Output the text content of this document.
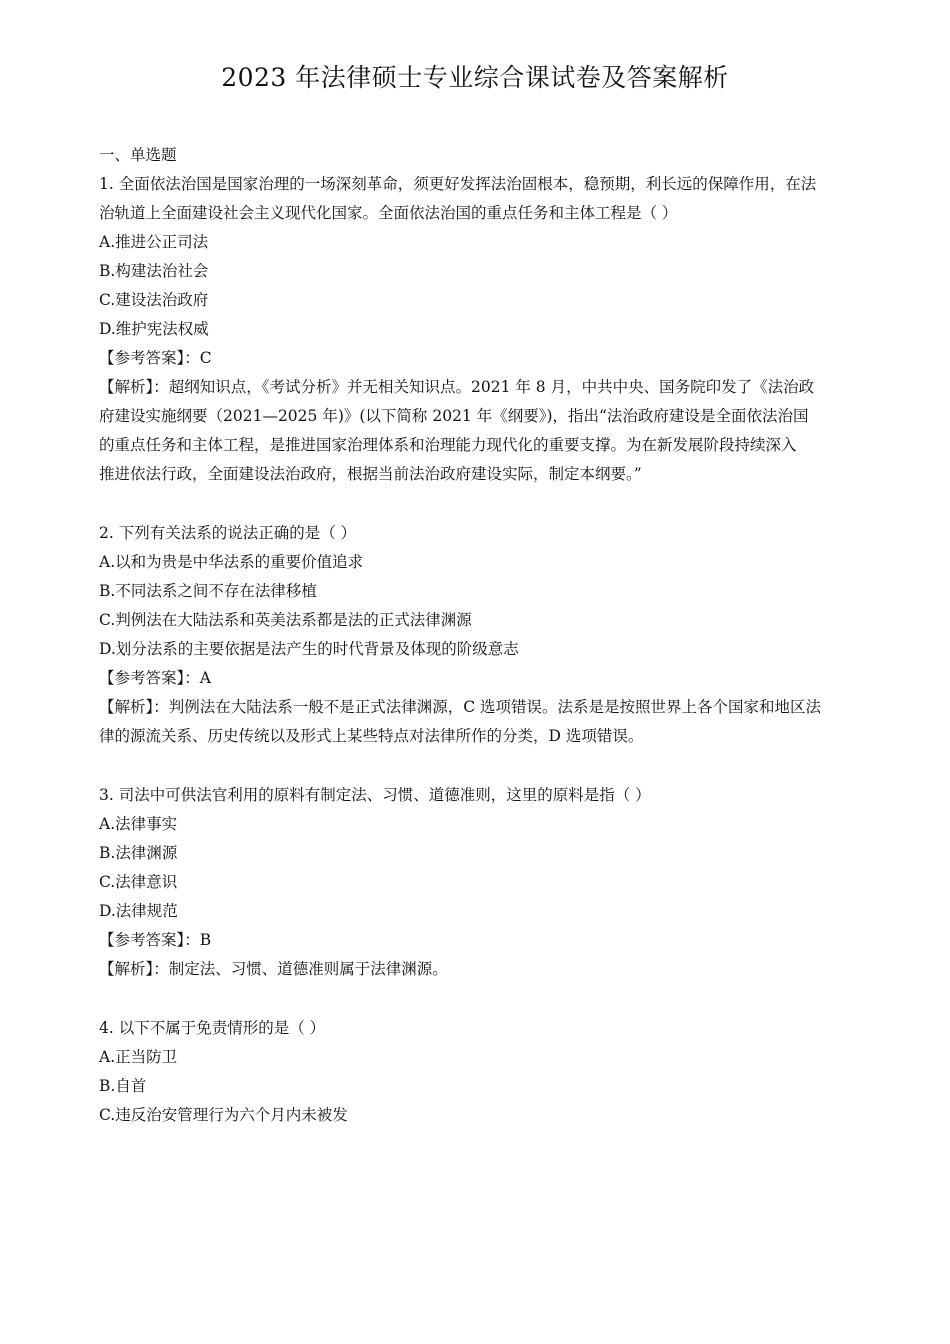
2023 年法律硕士专业综合课试卷及答案解析
一、单选题
1. 全面依法治国是国家治理的一场深刻革命，须更好发挥法治固根本，稳预期，利长远的保障作用，在法
治轨道上全面建设社会主义现代化国家。全面依法治国的重点任务和主体工程是（ ）
A.推进公正司法
B.构建法治社会
C.建设法治政府
D.维护宪法权威
【参考答案】：C
【解析】：超纲知识点，《考试分析》并无相关知识点。2021 年 8 月，中共中央、国务院印发了《法治政
府建设实施纲要（2021—2025 年)》(以下简称 2021 年《纲要》)，指出“法治政府建设是全面依法治国
的重点任务和主体工程，是推进国家治理体系和治理能力现代化的重要支撑。为在新发展阶段持续深入
推进依法行政，全面建设法治政府，根据当前法治政府建设实际，制定本纲要。”
2. 下列有关法系的说法正确的是（ ）
A.以和为贵是中华法系的重要价值追求
B.不同法系之间不存在法律移植
C.判例法在大陆法系和英美法系都是法的正式法律渊源
D.划分法系的主要依据是法产生的时代背景及体现的阶级意志
【参考答案】：A
【解析】：判例法在大陆法系一般不是正式法律渊源，C 选项错误。法系是是按照世界上各个国家和地区法
律的源流关系、历史传统以及形式上某些特点对法律所作的分类，D 选项错误。
3. 司法中可供法官利用的原料有制定法、习惯、道德准则，这里的原料是指（ ）
A.法律事实
B.法律渊源
C.法律意识
D.法律规范
【参考答案】：B
【解析】：制定法、习惯、道德准则属于法律渊源。
4. 以下不属于免责情形的是（ ）
A.正当防卫
B.自首
C.违反治安管理行为六个月内未被发
